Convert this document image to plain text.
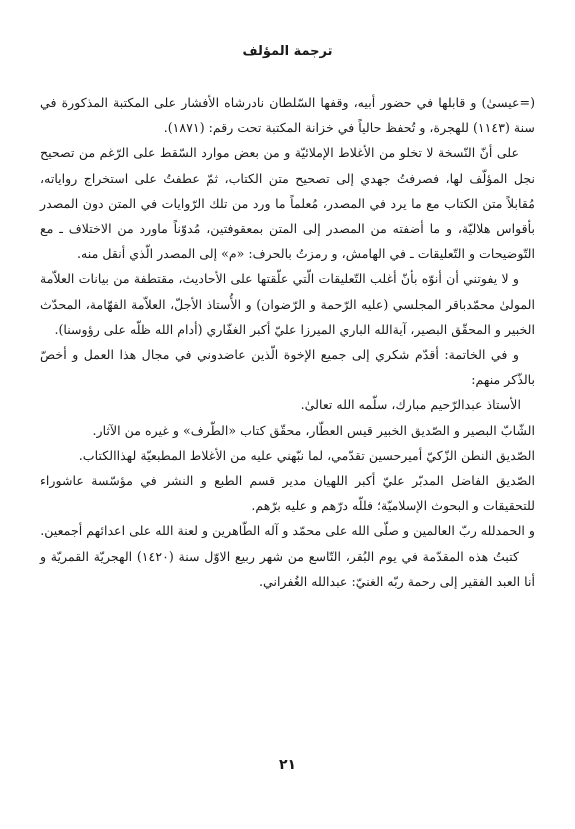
ترجمة المؤلف

(=عيسىٰ) و قابلها في حضور أبيه، وقفها السّلطان نادرشاه الأفشار على المكتبة المذكورة في سنة (١١٤٣) للهجرة، و تُحفظ حالياً في خزانة المكتبة تحت رقم: (١٨٧١).

على أنّ النّسخة لا تخلو من الأغلاط الإملائيّة و من بعض موارد السّقط على الرّغم من تصحيح نجل المؤلّف لها، فصرفتُ جهدي إلى تصحيح متن الكتاب، ثمّ عطفتُ على استخراج رواياته، مُقابلاً متن الكتاب مع ما يرد في المصدر، مُعلماً ما ورد من تلك الرّوايات في المتن دون المصدر بأقواس هلاليّة، و ما أضفته من المصدر إلى المتن بمعقوفتين، مُدوّناً ماورد من الاختلاف ـ مع التّوضيحات و التّعليقات ـ في الهامش، و رمزتُ بالحرف: «م» إلى المصدر الّذي أنقل منه.

و لا يفوتني أن أنوّه بأنّ أغلب التّعليقات الّتي علّقتها على الأحاديث، مقتطفة من بيانات العلاّمة المولىٰ محمّدباقر المجلسي (عليه الرّحمة و الرّضوان) و الأُستاذ الأجلّ، العلاّمة الفهّامة، المحدّث الخبير و المحقّق البصير، آيةالله الباري الميرزا عليّ أكبر الغفّاري (أدام الله ظلّه على رؤوسنا).

و في الخاتمة: أقدّم شكري إلى جميع الإخوة الّذين عاضدوني في مجال هذا العمل و أخصّ بالذّكر منهم:

الأستاذ عبدالرّحيم مبارك، سلّمه الله تعالىٰ.

الشّابّ البصير و الصّديق الخبير قيس العطّار، محقّق كتاب «الطّرف» و غيره من الآثار.

الصّديق النطن الزّكيّ أميرحسين تقدّمي، لما نبّهني عليه من الأغلاط المطبعيّة لهذاالكتاب.

الصّديق الفاضل المدبّر عليّ أكبر اللهيان مدير قسم الطبع و النشر في مؤسّسة عاشوراء للتحقيقات و البحوث الإسلاميّة؛ فللّه درّهم و عليه برّهم.

و الحمدلله ربّ العالمين و صلّى الله على محمّد و آله الطّاهرين و لعنة الله على اعدائهم أجمعين.

كتبتُ هذه المقدّمة في يوم البُقر، التّاسع من شهر ربيع الاوّل سنة (١٤٢٠) الهجريّة القمريّة و أنا العبد الفقير إلى رحمة ربّه الغنيّ: عبدالله الغُفراني.

٢١
